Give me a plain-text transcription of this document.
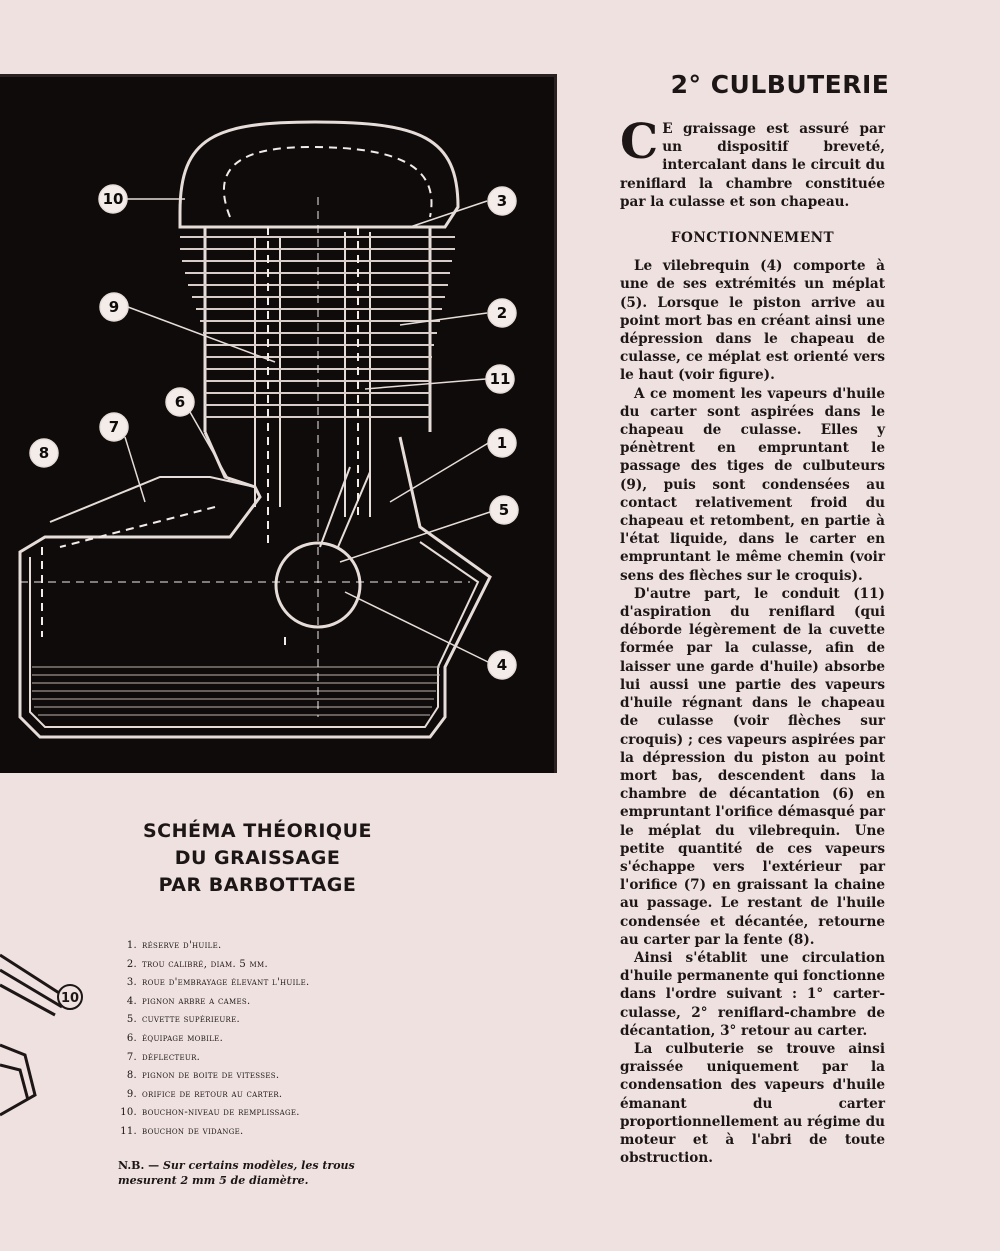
10	3
9	2
11
6
7
8
1
5
4
SCHÉMA THÉORIQUE
DU GRAISSAGE
PAR BARBOTTAGE
1. réserve d'huile.
2. trou calibré, diam. 5 mm.
3. roue d'embrayage élevant l'huile.
4. pignon arbre a cames.
5. cuvette supérieure.
6. équipage mobile.
7. déflecteur.
8. pignon de boite de vitesses.
9. orifice de retour au carter.
10. bouchon-niveau de remplissage.
11. bouchon de vidange.
N.B. — Sur certains modèles, les trous mesurent 2 mm 5 de diamètre.
10
2° CULBUTERIE

C E graissage est assuré par un dispositif breveté, intercalant dans le circuit du reniflard la chambre constituée par la culasse et son chapeau.

FONCTIONNEMENT

Le vilebrequin (4) comporte à une de ses extrémités un méplat (5). Lorsque le piston arrive au point mort bas en créant ainsi une dépression dans le chapeau de culasse, ce méplat est orienté vers le haut (voir figure).

A ce moment les vapeurs d'huile du carter sont aspirées dans le chapeau de culasse. Elles y pénètrent en empruntant le passage des tiges de culbuteurs (9), puis sont condensées au contact relativement froid du chapeau et retombent, en partie à l'état liquide, dans le carter en empruntant le même chemin (voir sens des flèches sur le croquis).

D'autre part, le conduit (11) d'aspiration du reniflard (qui déborde légèrement de la cuvette formée par la culasse, afin de laisser une garde d'huile) absorbe lui aussi une partie des vapeurs d'huile régnant dans le chapeau de culasse (voir flèches sur croquis) ; ces vapeurs aspirées par la dépression du piston au point mort bas, descendent dans la chambre de décantation (6) en empruntant l'orifice démasqué par le méplat du vilebrequin. Une petite quantité de ces vapeurs s'échappe vers l'extérieur par l'orifice (7) en graissant la chaine au passage. Le restant de l'huile condensée et décantée, retourne au carter par la fente (8).

Ainsi s'établit une circulation d'huile permanente qui fonctionne dans l'ordre suivant : 1° carter-culasse, 2° reniflard-chambre de décantation, 3° retour au carter.

La culbuterie se trouve ainsi graissée uniquement par la condensation des vapeurs d'huile émanant du carter proportionnellement au régime du moteur et à l'abri de toute obstruction.
